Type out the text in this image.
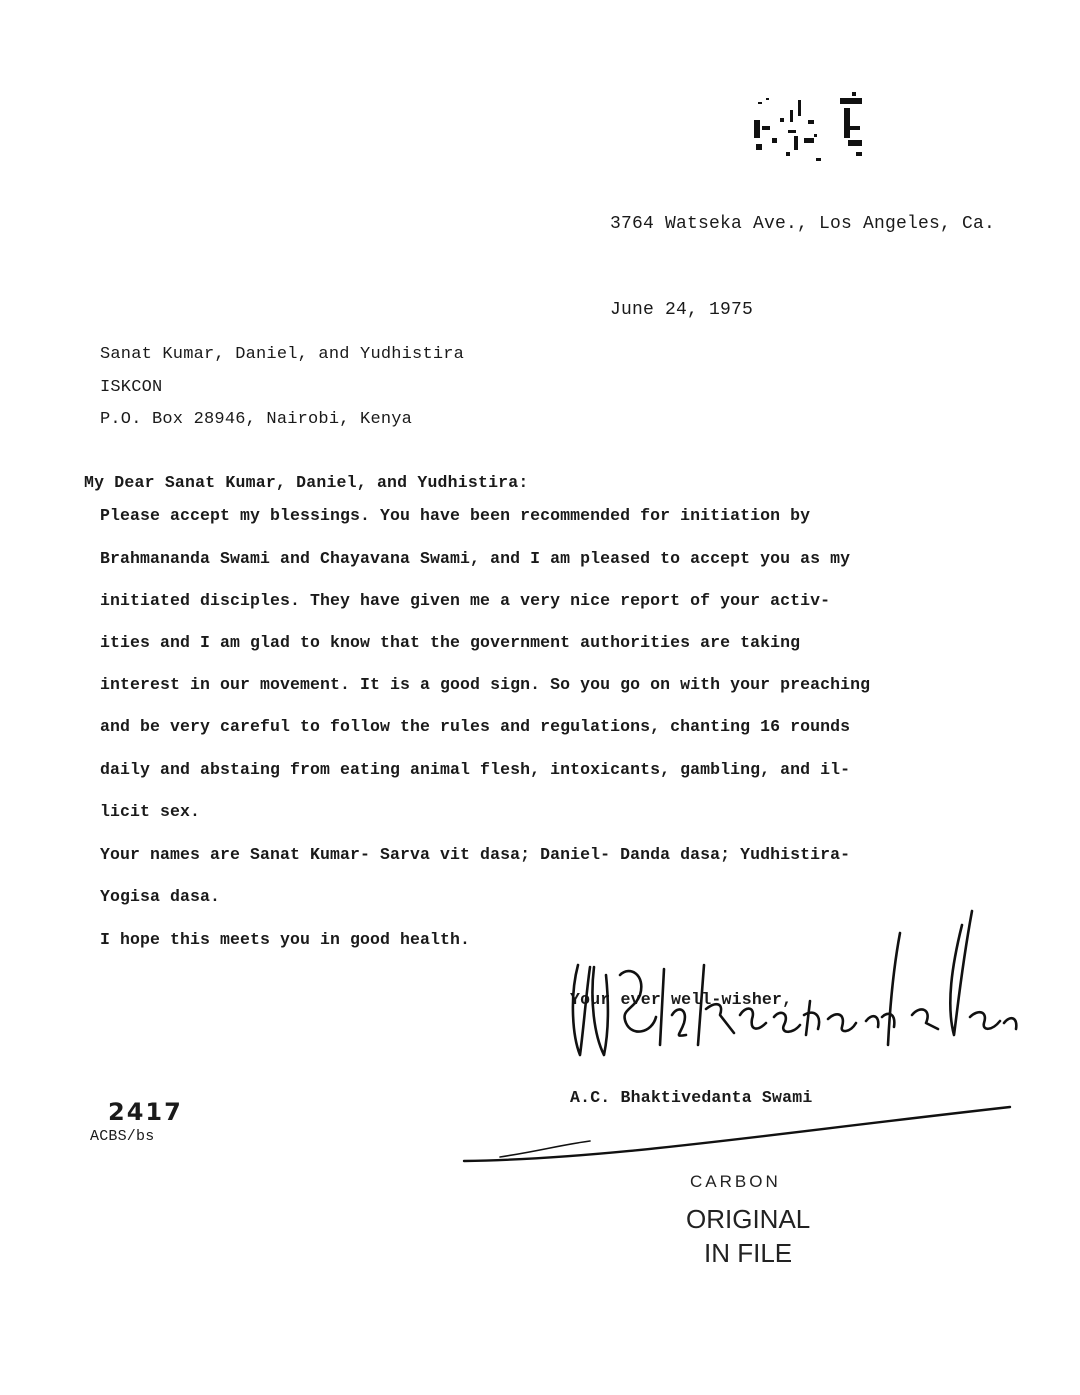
3764 Watseka Ave., Los Angeles, Ca.
June 24, 1975
Sanat Kumar, Daniel, and Yudhistira
ISKCON
P.O. Box 28946, Nairobi, Kenya
My Dear Sanat Kumar, Daniel, and Yudhistira:
Please accept my blessings. You have been recommended for initiation by
Brahmananda Swami and Chayavana Swami, and I am pleased to accept you as my
initiated disciples. They have given me a very nice report of your activ-
ities and I am glad to know that the government authorities are taking
interest in our movement. It is a good sign. So you go on with your preaching
and be very careful to follow the rules and regulations, chanting 16 rounds
daily and abstaing from eating animal flesh, intoxicants, gambling, and il-
licit sex.
Your names are Sanat Kumar- Sarva vit dasa; Daniel- Danda dasa; Yudhistira-
Yogisa dasa.
I hope this meets you in good health.
Your ever well-wisher,
A.C. Bhaktivedanta Swami
2417
ACBS/bs
CARBON
ORIGINAL
IN FILE
